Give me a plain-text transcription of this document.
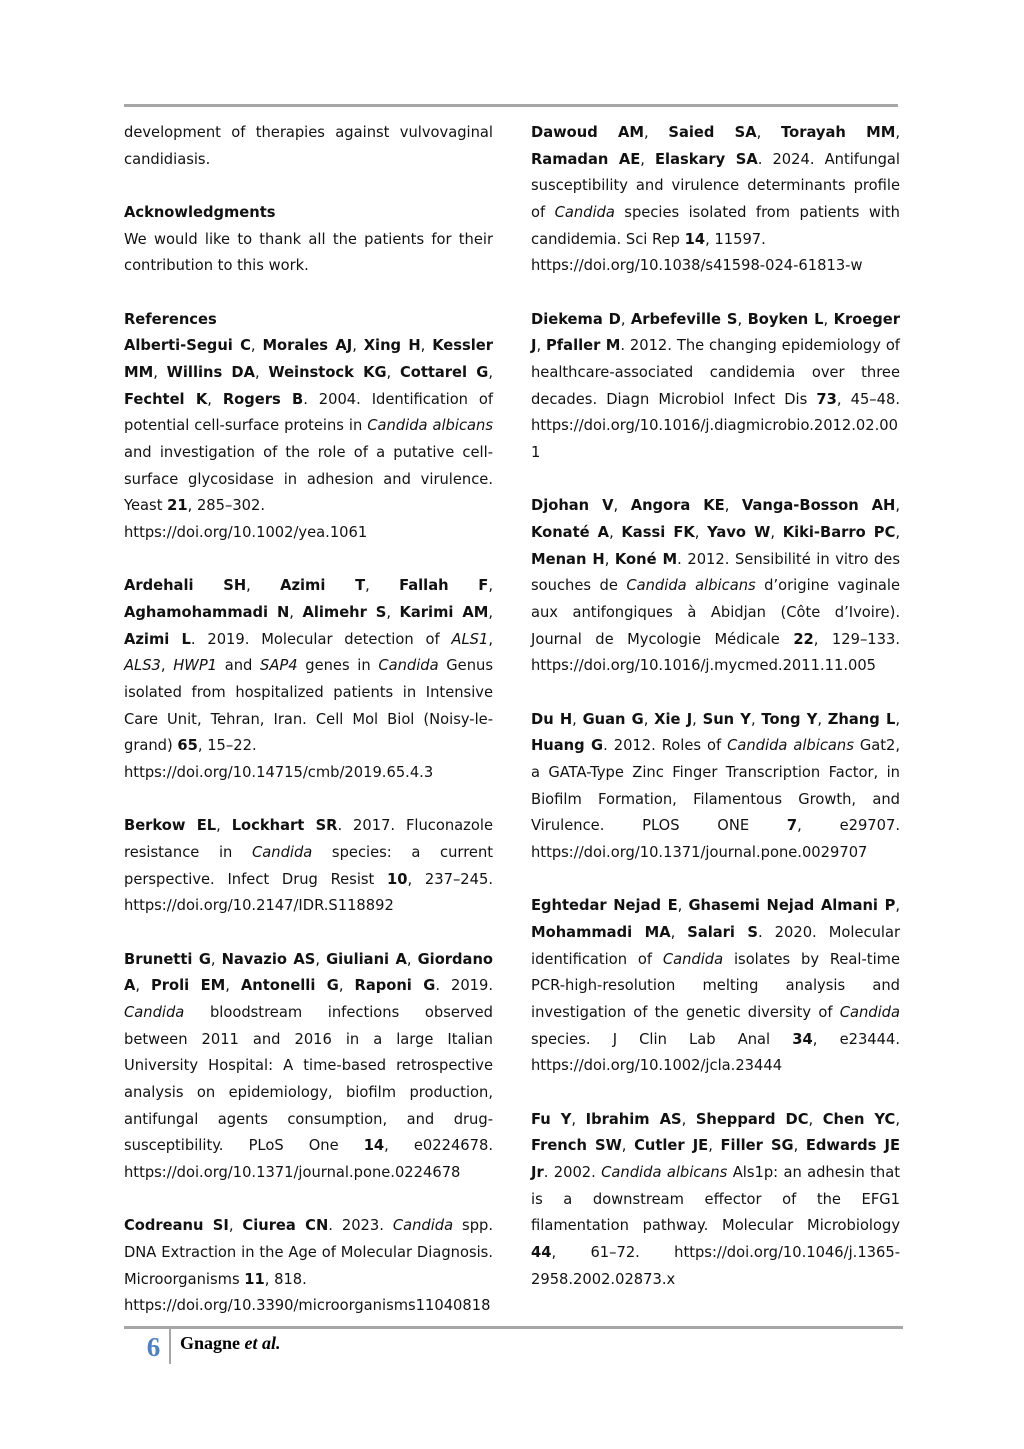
development of therapies against vulvovaginal candidiasis.

Acknowledgments

We would like to thank all the patients for their contribution to this work.

References

Alberti-Segui C, Morales AJ, Xing H, Kessler MM, Willins DA, Weinstock KG, Cottarel G, Fechtel K, Rogers B. 2004. Identification of potential cell-surface proteins in Candida albicans and investigation of the role of a putative cell-surface glycosidase in adhesion and virulence. Yeast 21, 285–302.
https://doi.org/10.1002/yea.1061

Ardehali SH, Azimi T, Fallah F, Aghamohammadi N, Alimehr S, Karimi AM, Azimi L. 2019. Molecular detection of ALS1, ALS3, HWP1 and SAP4 genes in Candida Genus isolated from hospitalized patients in Intensive Care Unit, Tehran, Iran. Cell Mol Biol (Noisy-le-grand) 65, 15–22.
https://doi.org/10.14715/cmb/2019.65.4.3

Berkow EL, Lockhart SR. 2017. Fluconazole resistance in Candida species: a current perspective. Infect Drug Resist 10, 237–245. https://doi.org/10.2147/IDR.S118892

Brunetti G, Navazio AS, Giuliani A, Giordano A, Proli EM, Antonelli G, Raponi G. 2019. Candida bloodstream infections observed between 2011 and 2016 in a large Italian University Hospital: A time-based retrospective analysis on epidemiology, biofilm production, antifungal agents consumption, and drug-susceptibility. PLoS One 14, e0224678. https://doi.org/10.1371/journal.pone.0224678

Codreanu SI, Ciurea CN. 2023. Candida spp. DNA Extraction in the Age of Molecular Diagnosis. Microorganisms 11, 818.
https://doi.org/10.3390/microorganisms11040818

Dawoud AM, Saied SA, Torayah MM, Ramadan AE, Elaskary SA. 2024. Antifungal susceptibility and virulence determinants profile of Candida species isolated from patients with candidemia. Sci Rep 14, 11597.
https://doi.org/10.1038/s41598-024-61813-w

Diekema D, Arbefeville S, Boyken L, Kroeger J, Pfaller M. 2012. The changing epidemiology of healthcare-associated candidemia over three decades. Diagn Microbiol Infect Dis 73, 45–48. https://doi.org/10.1016/j.diagmicrobio.2012.02.001

Djohan V, Angora KE, Vanga-Bosson AH, Konaté A, Kassi FK, Yavo W, Kiki-Barro PC, Menan H, Koné M. 2012. Sensibilité in vitro des souches de Candida albicans d’origine vaginale aux antifongiques à Abidjan (Côte d’Ivoire). Journal de Mycologie Médicale 22, 129–133. https://doi.org/10.1016/j.mycmed.2011.11.005

Du H, Guan G, Xie J, Sun Y, Tong Y, Zhang L, Huang G. 2012. Roles of Candida albicans Gat2, a GATA-Type Zinc Finger Transcription Factor, in Biofilm Formation, Filamentous Growth, and Virulence.	PLOS ONE	7, e29707. https://doi.org/10.1371/journal.pone.0029707

Eghtedar Nejad E, Ghasemi Nejad Almani P, Mohammadi MA, Salari S. 2020. Molecular identification of Candida isolates by Real-time PCR-high-resolution melting analysis and investigation of the genetic diversity of Candida species. J Clin Lab Anal 34, e23444. https://doi.org/10.1002/jcla.23444

Fu Y, Ibrahim AS, Sheppard DC, Chen YC, French SW, Cutler JE, Filler SG, Edwards JE Jr. 2002. Candida albicans Als1p: an adhesin that is a downstream effector of the EFG1 filamentation pathway. Molecular Microbiology 44, 61–72. https://doi.org/10.1046/j.1365-2958.2002.02873.x

6	Gnagne et al.
